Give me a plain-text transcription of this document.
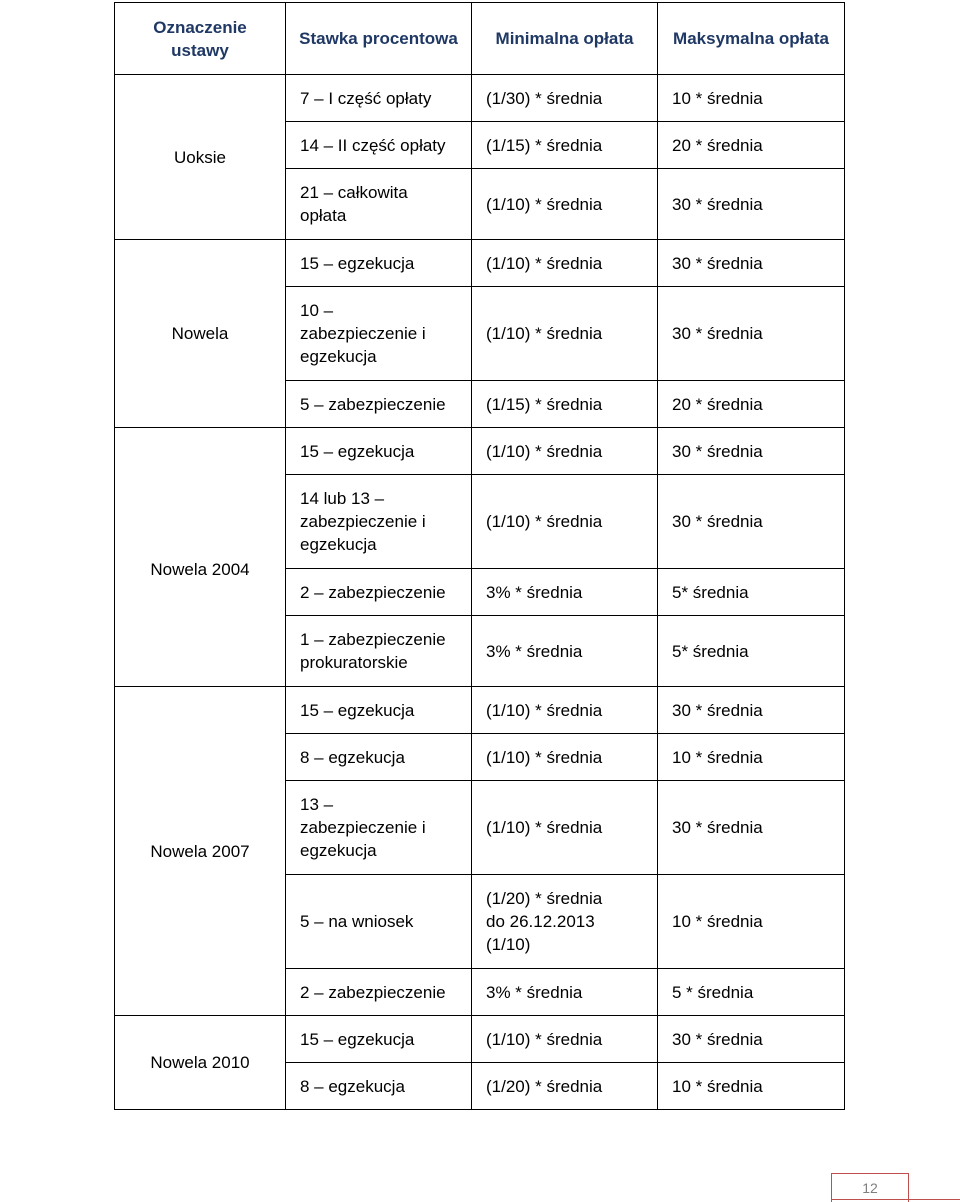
Oznaczenie ustawy	Stawka procentowa	Minimalna opłata	Maksymalna opłata
Uoksie	7 – I część opłaty	(1/30) * średnia	10 * średnia
	14 – II część opłaty	(1/15) * średnia	20 * średnia
	21 – całkowita opłata	(1/10) * średnia	30 * średnia
Nowela	15 – egzekucja	(1/10) * średnia	30 * średnia
	10 – zabezpieczenie i egzekucja	(1/10) * średnia	30 * średnia
	5 – zabezpieczenie	(1/15) * średnia	20 * średnia
Nowela 2004	15 – egzekucja	(1/10) * średnia	30 * średnia
	14 lub 13 – zabezpieczenie i egzekucja	(1/10) * średnia	30 * średnia
	2 – zabezpieczenie	3% * średnia	5* średnia
	1 – zabezpieczenie prokuratorskie	3% * średnia	5* średnia
Nowela 2007	15 – egzekucja	(1/10) * średnia	30 * średnia
	8 – egzekucja	(1/10) * średnia	10 * średnia
	13 – zabezpieczenie i egzekucja	(1/10) * średnia	30 * średnia
	5 – na wniosek	(1/20) * średnia do 26.12.2013 (1/10)	10 * średnia
	2 – zabezpieczenie	3% * średnia	5 * średnia
Nowela 2010	15 – egzekucja	(1/10) * średnia	30 * średnia
	8 – egzekucja	(1/20) * średnia	10 * średnia
12
